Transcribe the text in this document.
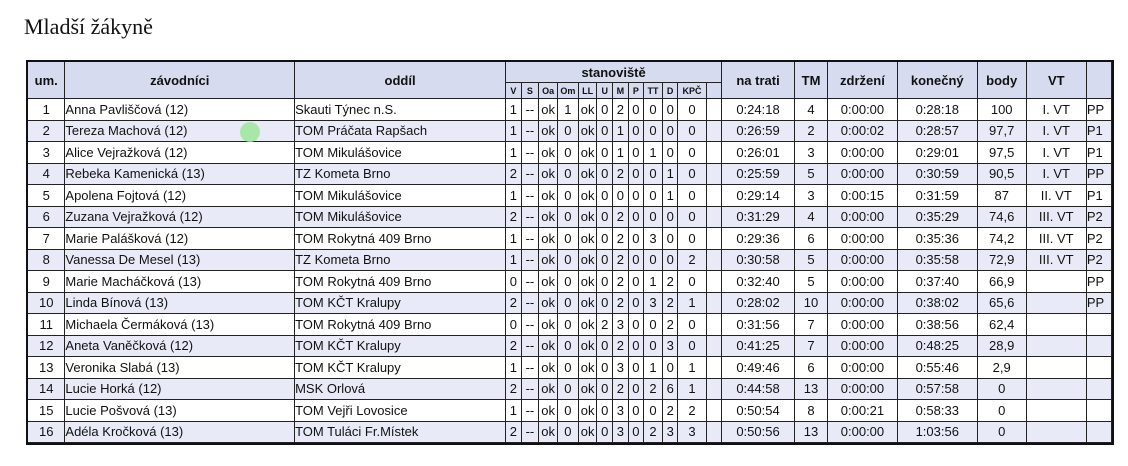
Mladší žákyně
um.	závodníci	oddíl	stanoviště												na trati	TM	zdržení	konečný	body	VT	
			V	S	Oa	Om	LL	U	M	P	TT	D	KPČ								
1	Anna Pavliščová (12)	Skauti Týnec n.S.	1	--	ok	1	ok	0	2	0	0	0	0		0:24:18	4	0:00:00	0:28:18	100	I. VT	PP
2	Tereza Machová (12)	TOM Práčata Rapšach	1	--	ok	0	ok	0	1	0	0	0	0		0:26:59	2	0:00:02	0:28:57	97,7	I. VT	P1
3	Alice Vejražková (12)	TOM Mikulášovice	1	--	ok	0	ok	0	1	0	1	0	0		0:26:01	3	0:00:00	0:29:01	97,5	I. VT	P1
4	Rebeka Kamenická (13)	TZ Kometa Brno	2	--	ok	0	ok	0	2	0	0	1	0		0:25:59	5	0:00:00	0:30:59	90,5	I. VT	PP
5	Apolena Fojtová (12)	TOM Mikulášovice	1	--	ok	0	ok	0	0	0	0	1	0		0:29:14	3	0:00:15	0:31:59	87	II. VT	P1
6	Zuzana Vejražková (12)	TOM Mikulášovice	2	--	ok	0	ok	0	2	0	0	0	0		0:31:29	4	0:00:00	0:35:29	74,6	III. VT	P2
7	Marie Palášková (12)	TOM Rokytná 409 Brno	1	--	ok	0	ok	0	2	0	3	0	0		0:29:36	6	0:00:00	0:35:36	74,2	III. VT	P2
8	Vanessa De Mesel (13)	TZ Kometa Brno	1	--	ok	0	ok	0	2	0	0	0	2		0:30:58	5	0:00:00	0:35:58	72,9	III. VT	P2
9	Marie Macháčková (13)	TOM Rokytná 409 Brno	0	--	ok	0	ok	0	2	0	1	2	0		0:32:40	5	0:00:00	0:37:40	66,9		PP
10	Linda Bínová (13)	TOM KČT Kralupy	2	--	ok	0	ok	0	2	0	3	2	1		0:28:02	10	0:00:00	0:38:02	65,6		PP
11	Michaela Čermáková (13)	TOM Rokytná 409 Brno	0	--	ok	0	ok	2	3	0	0	2	0		0:31:56	7	0:00:00	0:38:56	62,4		
12	Aneta Vaněčková (12)	TOM KČT Kralupy	2	--	ok	0	ok	0	2	0	0	3	0		0:41:25	7	0:00:00	0:48:25	28,9		
13	Veronika Slabá (13)	TOM KČT Kralupy	1	--	ok	0	ok	0	3	0	1	0	1		0:49:46	6	0:00:00	0:55:46	2,9		
14	Lucie Horká (12)	MSK Orlová	2	--	ok	0	ok	0	2	0	2	6	1		0:44:58	13	0:00:00	0:57:58	0		
15	Lucie Pošvová (13)	TOM Vejři Lovosice	1	--	ok	0	ok	0	3	0	0	2	2		0:50:54	8	0:00:21	0:58:33	0		
16	Adéla Kročková (13)	TOM Tuláci Fr.Místek	2	--	ok	0	ok	0	3	0	2	3	3		0:50:56	13	0:00:00	1:03:56	0		
